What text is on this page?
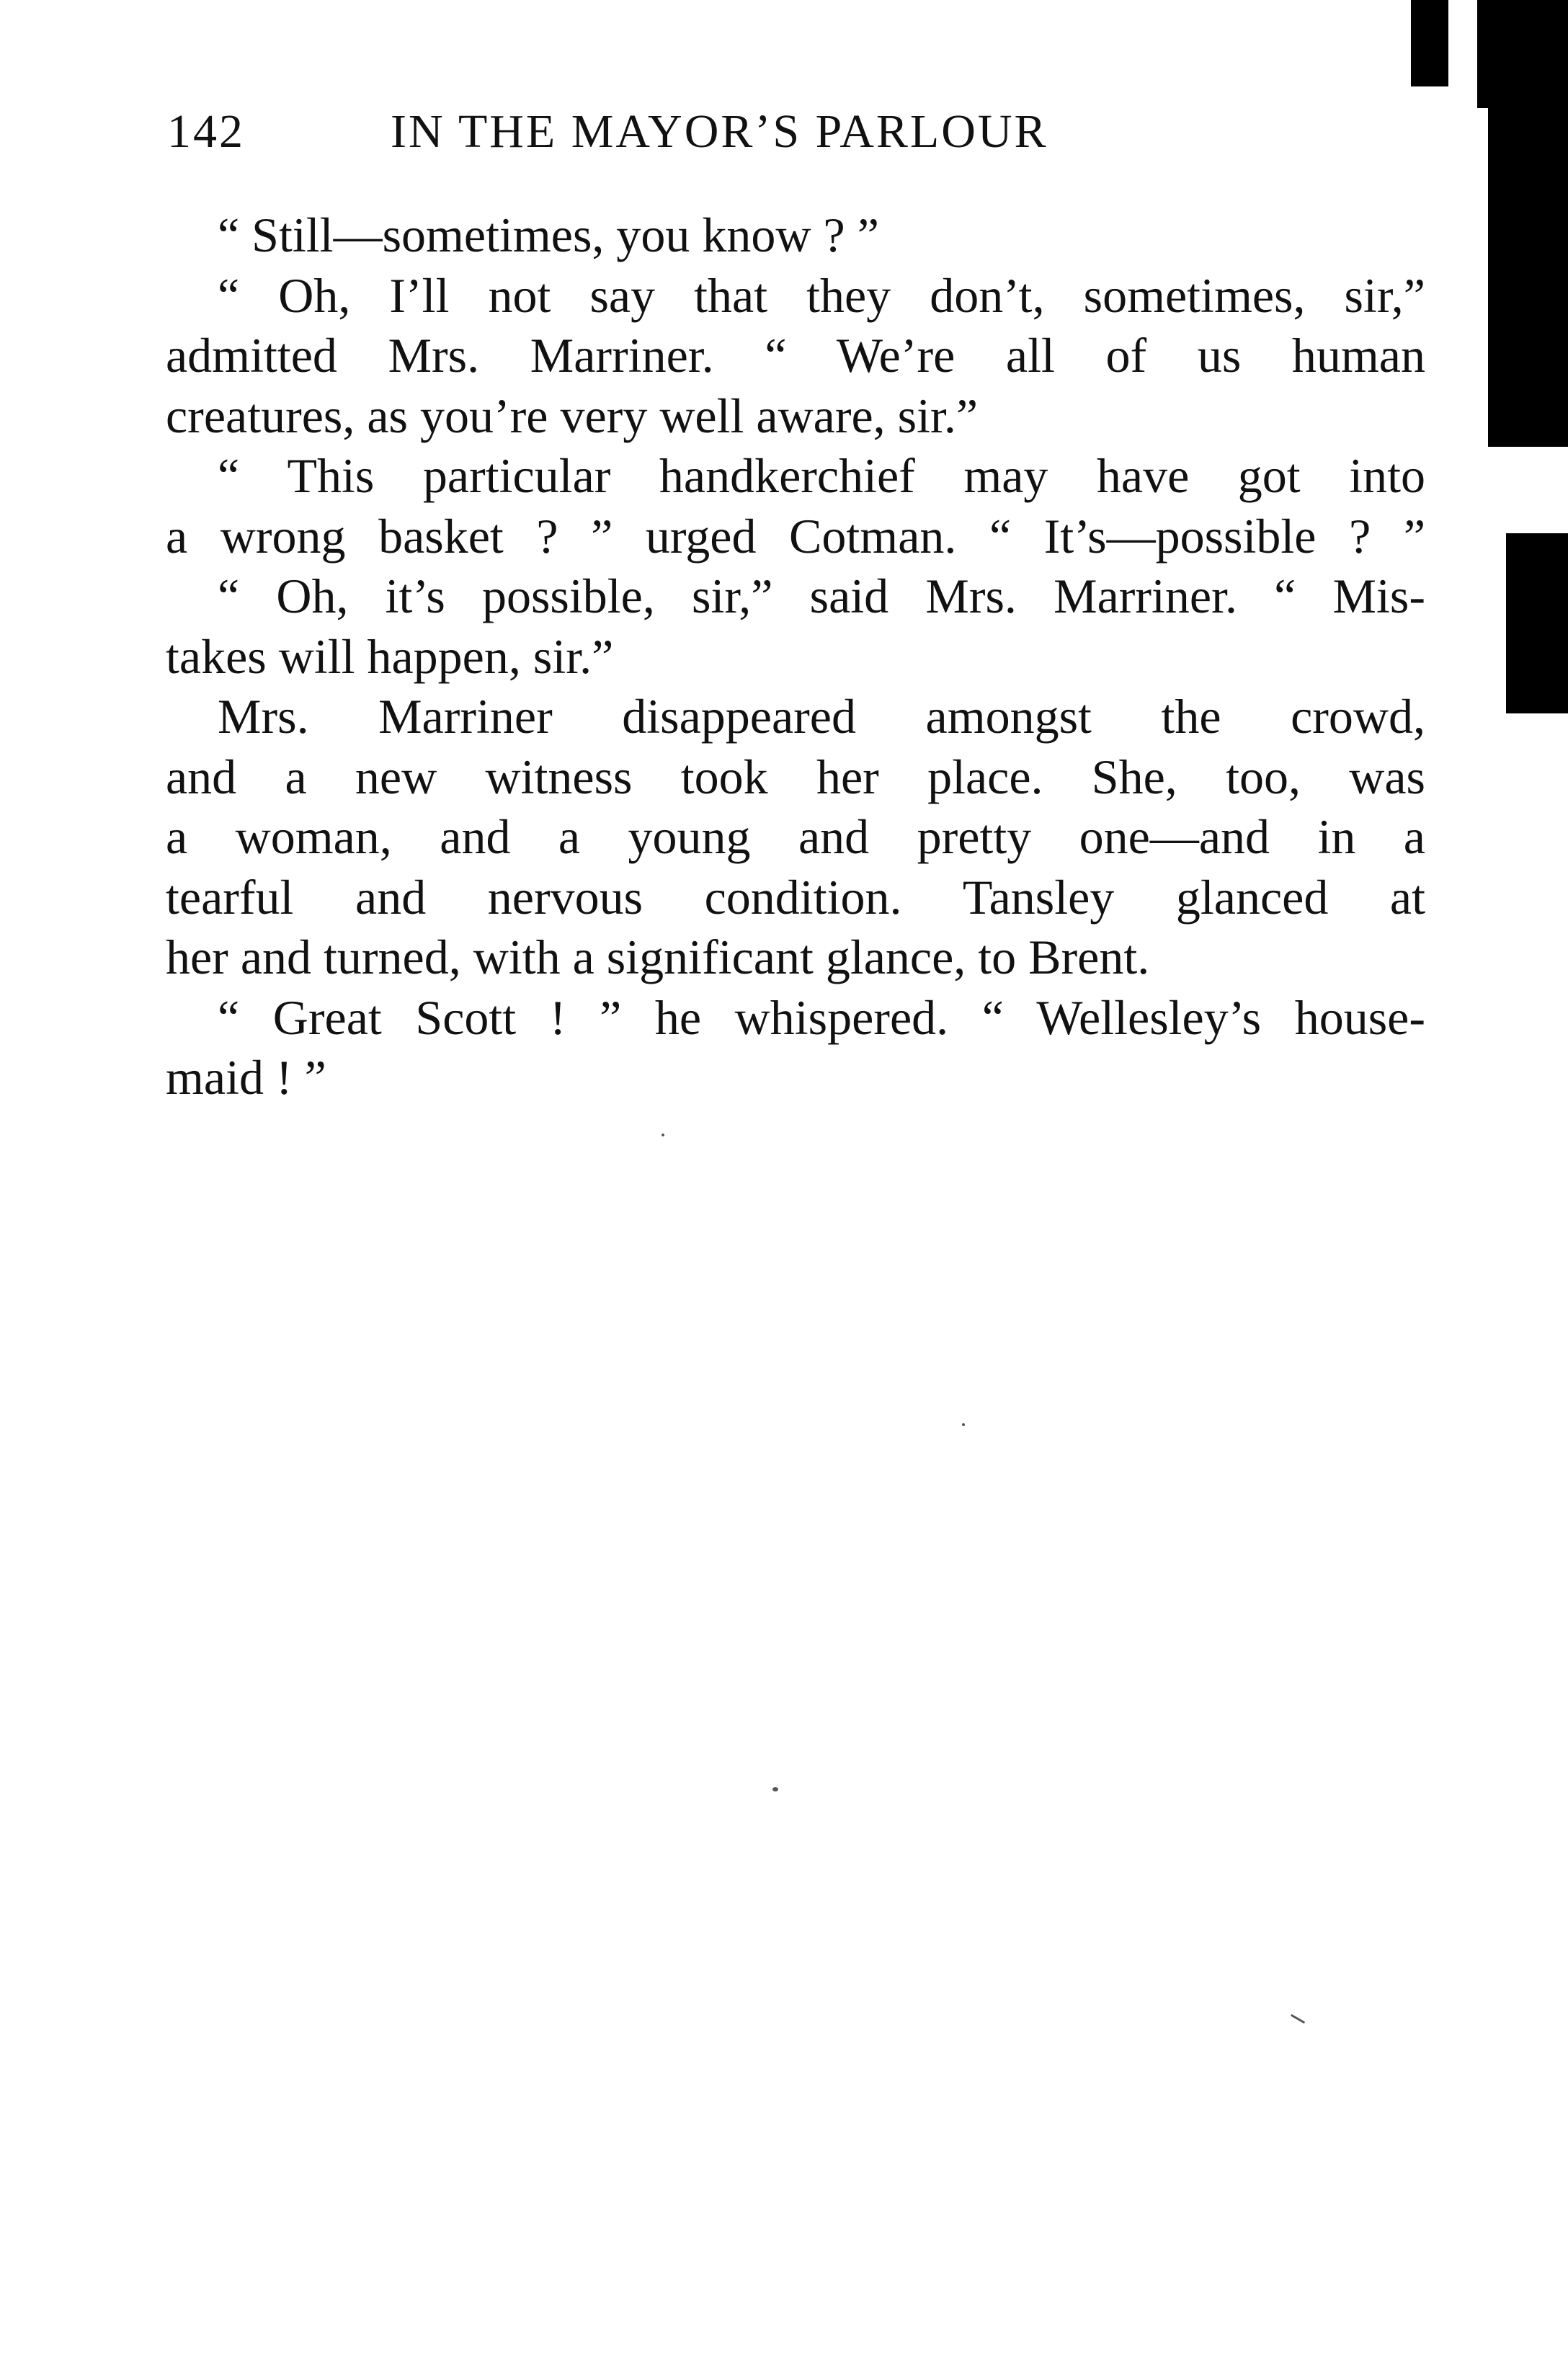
142	IN THE MAYOR’S PARLOUR
“ Still—sometimes, you know ? ”
“ Oh, I’ll not say that they don’t, sometimes, sir,”
admitted Mrs. Marriner. “ We’re all of us human
creatures, as you’re very well aware, sir.”
“ This particular handkerchief may have got into
a wrong basket ? ” urged Cotman. “ It’s—possible ? ”
“ Oh, it’s possible, sir,” said Mrs. Marriner. “ Mis-
takes will happen, sir.”
Mrs. Marriner disappeared amongst the crowd,
and a new witness took her place. She, too, was
a woman, and a young and pretty one—and in a
tearful and nervous condition. Tansley glanced at
her and turned, with a significant glance, to Brent.
“ Great Scott ! ” he whispered. “ Wellesley’s house-
maid ! ”
